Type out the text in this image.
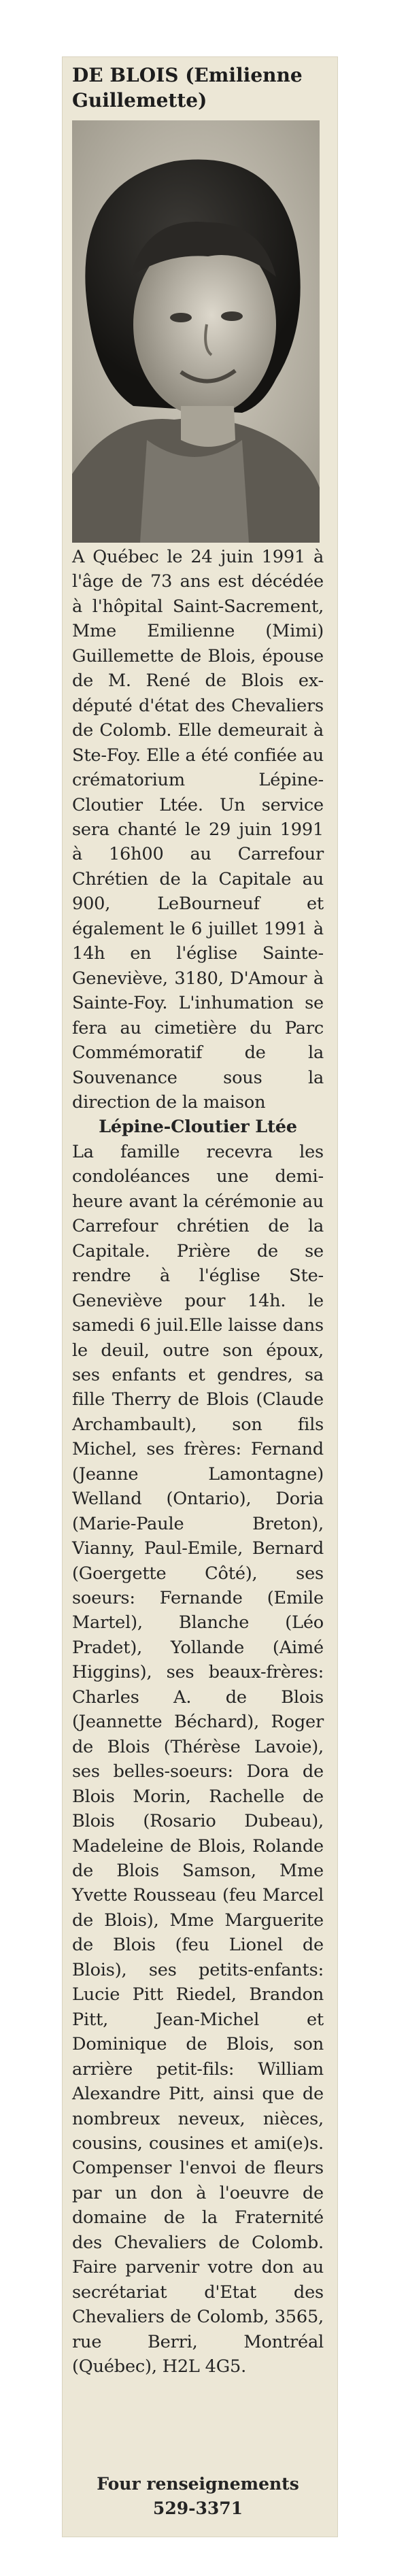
DE BLOIS (Emilienne Guillemette)

A Québec le 24 juin 1991 à l'âge de 73 ans est décédée à l'hôpital Saint-Sacrement, Mme Emilienne (Mimi) Guillemette de Blois, épouse de M. René de Blois ex-député d'état des Chevaliers de Colomb. Elle demeurait à Ste-Foy. Elle a été confiée au crématorium Lépine-Cloutier Ltée. Un service sera chanté le 29 juin 1991 à 16h00 au Carrefour Chrétien de la Capitale au 900, LeBourneuf et également le 6 juillet 1991 à 14h en l'église Sainte-Geneviève, 3180, D'Amour à Sainte-Foy. L'inhumation se fera au cimetière du Parc Commémoratif de la Souvenance sous la direction de la maison

Lépine-Cloutier Ltée

La famille recevra les condoléances une demi-heure avant la cérémonie au Carrefour chrétien de la Capitale. Prière de se rendre à l'église Ste-Geneviève pour 14h. le samedi 6 juil.Elle laisse dans le deuil, outre son époux, ses enfants et gendres, sa fille Therry de Blois (Claude Archambault), son fils Michel, ses frères: Fernand (Jeanne Lamontagne) Welland (Ontario), Doria (Marie-Paule Breton), Vianny, Paul-Emile, Bernard (Goergette Côté), ses soeurs: Fernande (Emile Martel), Blanche (Léo Pradet), Yollande (Aimé Higgins), ses beaux-frères: Charles A. de Blois (Jeannette Béchard), Roger de Blois (Thérèse Lavoie), ses belles-soeurs: Dora de Blois Morin, Rachelle de Blois (Rosario Dubeau), Madeleine de Blois, Rolande de Blois Samson, Mme Yvette Rousseau (feu Marcel de Blois), Mme Marguerite de Blois (feu Lionel de Blois), ses petits-enfants: Lucie Pitt Riedel, Brandon Pitt, Jean-Michel et Dominique de Blois, son arrière petit-fils: William Alexandre Pitt, ainsi que de nombreux neveux, nièces, cousins, cousines et ami(e)s. Compenser l'envoi de fleurs par un don à l'oeuvre de domaine de la Fraternité des Chevaliers de Colomb. Faire parvenir votre don au secrétariat d'Etat des Chevaliers de Colomb, 3565, rue Berri, Montréal (Québec), H2L 4G5.

Four renseignements
529-3371
